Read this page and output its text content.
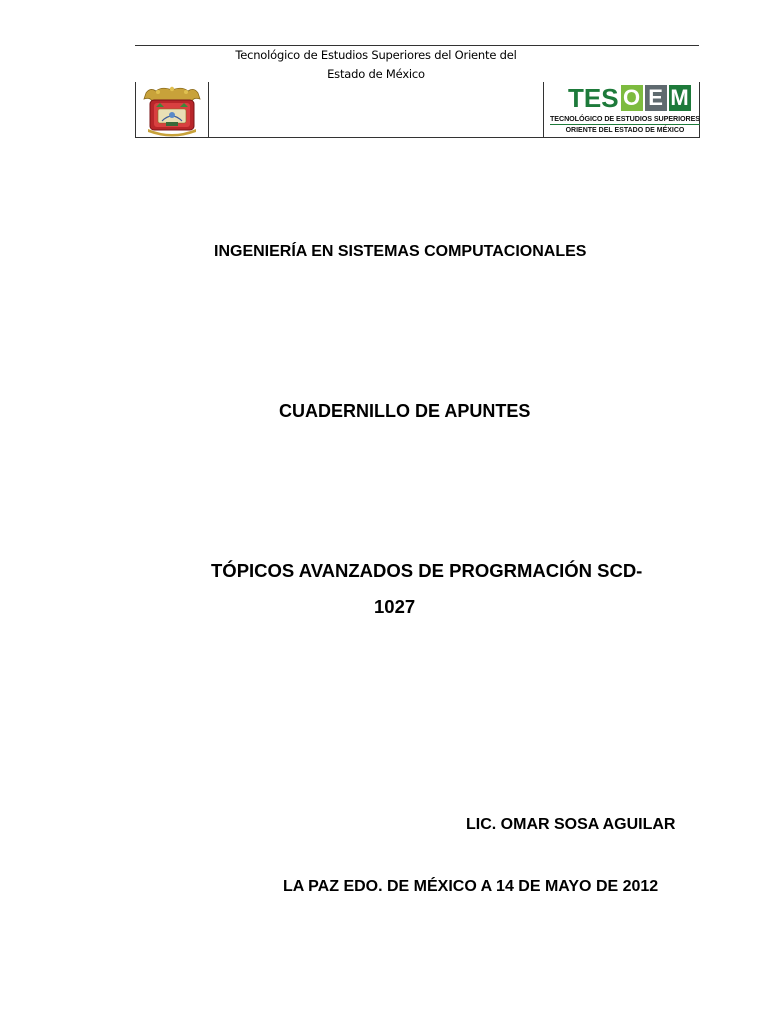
Tecnológico de Estudios Superiores del Oriente del
Estado de México
TES O E M
TECNOLÓGICO DE ESTUDIOS SUPERIORES
ORIENTE DEL ESTADO DE MÉXICO
INGENIERÍA EN SISTEMAS COMPUTACIONALES
CUADERNILLO DE APUNTES
TÓPICOS AVANZADOS DE PROGRMACIÓN SCD-
1027
LIC. OMAR SOSA AGUILAR
LA PAZ EDO. DE MÉXICO A 14 DE MAYO DE 2012
